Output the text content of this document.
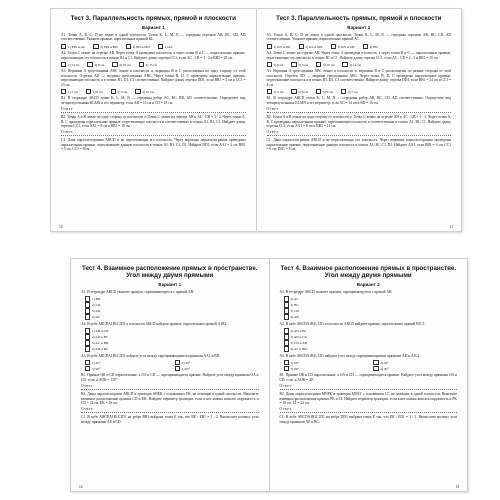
Тест 3. Параллельность прямых, прямой и плоскости
Вариант 1

А1. Точки A, B, C, D не лежат в одной плоскости. Точки K, L, M, N — середины отрезков AB, BC, CD, AD соответственно. Укажите прямые, параллельные прямой KL.

1) MN и AC	2) MN и BD	3) BD и MN	4) AC

А2. Точки C лежит на отрезке AB. Через точку A проведена плоскость, а через точки B и C — параллельные прямые, пересекающие эту плоскость в точках B1 и C1. Найдите длину отрезка CC1, если AC : CB = 3 : 2 и BB1 = 20 см.

1) 12 см	2) 8 см	3) 10 см	4) 15 см

А3. Вершина A треугольника ABC лежит в плоскости α, вершины B и C расположены по одну сторону от этой плоскости. Отрезок AD — медиана треугольника ABC. Через точки B, D, C проведены параллельные прямые, пересекающие плоскость α в точках B1, D1, C1 соответственно. Найдите длину отрезка DD1, если BB1 = 5 см и CC1 = 13 см.

1) 7 см	2) 8 см	3) 9 см	4) 10 см

В1. В тетраэдре ABCD точки K, L, M, N — середины ребер AC, BC, BD, AD соответственно. Определите вид четырехугольника KLMN и его периметр, если AB = 10 см и CD = 18 см.

Ответ.

В2. Точки A и B лежат по одну сторону от плоскости α. Точка C лежит на отрезке AB и AC : CB = 3 : 2. Через точки A, B, C проведены параллельные прямые, пересекающие плоскость α соответственно в точках A1, B1, C1. Найдите длину отрезка CC1, если AA1 = 8 см и BB1 = 18 см.

Ответ.

С1. Дана параллелограмма ABCD и не пересекающая его плоскость. Через вершины параллелограмма проведены параллельные прямые, пересекающие данную плоскость в точках A1, B1, C1, D1. Найдите DD1, если AA1 = 2 см, BB1 = 5 см, CC1 = 8 см.

10
Тест 3. Параллельность прямых, прямой и плоскости
Вариант 2

А1. Точки A, B, C, D не лежат в одной плоскости. Точки K, L, M, N — середины отрезков AB, BC, CD, AD соответственно. Укажите прямые, параллельные прямой AC.

1) KN и ML	2) KL и MN	3) KN и LM	4) BD

А2. Точка C лежит на отрезке AB. Через точку A проведена плоскость, а через точки B и C — параллельные прямые, пересекающие эту плоскость в точках B1 и C1. Найдите длину отрезка CC1, если AC : CB = 2 : 3 и BB1 = 15 см.

1) 9 см	2) 6 см	3) 10 см	4) 12 см

А3. Вершина A треугольника ABC лежит в плоскости α, вершины B и C расположены по разные стороны от этой плоскости. Отрезок AD — медиана треугольника ABC. Через точки B, D, C проведены параллельные прямые, пересекающие плоскость α в точках B1, D1, C1 соответственно. Найдите длину отрезка DD1, если BB1 = 14 см и CC1 = 4 см.

1) 5 см	2) 6 см	3) 9 см	4) 7 см

В1. В тетраэдре ABCD точки K, L, M, N — середины ребер AB, BC, CD, AD соответственно. Определите вид четырехугольника KLMN и его периметр, если AC = 14 см и BD = 16 см.

Ответ.

В2. Точки A и B лежат по одну сторону от плоскости α. Точка C лежит на отрезке AB и AC : CB = 1 : 3. Через точки A, B, C проведены параллельные прямые, пересекающие плоскость α соответственно в точках A1, B1, C1. Найдите длину отрезка CC1, если AA1 = 6 см и BB1 = 14 см.

Ответ.

С1. Дана параллелограмма ABCD и не пересекающая его плоскость. Через вершины параллелограмма проведены параллельные прямые, пересекающие данную плоскость в точках A1, B1, C1, D1. Найдите AA1, если BB1 = 4 см, CC1 = 6 см, DD1 = 8 см.

11
Тест 4. Взаимное расположение прямых в пространстве. Угол между двумя прямыми
Вариант 1

А1. В тетраэдре ABCD укажите прямую, скрещивающуюся с прямой AB.

1) BD
2) CD
3) AD
4) AC

А2. В кубе ABCDA1B1C1D1 в плоскости ABCD найдите прямые, параллельные прямой A1B1.

1) AB и CD
2) AD и BC
3) AC и BD
4) AB и BC

А3. В кубе ABCDA1B1C1D1 найдите угол между скрещивающимися прямыми AA1 и BD.

1) 45°	2) 30°
3) 90°	4) 60°

В1. Прямые OB и CD параллельные, а OA и CD — скрещивающиеся прямые. Найдите угол между прямыми OA и CD, если ∠AOB = 120°.

Ответ.

В2. Даны параллелограмм ABCD и трапеция ABEK с основанием EK, не лежащие в одной плоскости. Выясните взаимное расположение прямых CD и EK. Найдите периметр трапеции, если в нее можно вписать окружность и CD = 22 см, EK = 16 см.

Ответ.

С1. В кубе ABCDA1B1C1D1 на ребре BB1 выбрана точка E так, что BE : EB1 = 1 : 2. Вычислите косинус угла между прямыми AE и CD.

12
Тест 4. Взаимное расположение прямых в пространстве. Угол между двумя прямыми
Вариант 2

А1. В тетраэдре ABCD укажите прямую, скрещивающуюся с прямой AB.

1) AC
2) BC
3) CD
4) AB

А2. В кубе ABCDA1B1C1D1 в плоскости ABCD найдите прямые, параллельные прямой B1C1.

1) AD и BC
2) AD и CD
3) CD и AB
4) AC и BD

А3. В кубе ABCDA1B1C1D1 найдите угол между скрещивающимися прямыми AD и A1C1.

1) 90°	2) 45°
3) 60°	4) 30°

В1. Прямые OB и CD параллельные, а OA и CD — скрещивающиеся прямые. Найдите угол между прямыми OA и CD, если ∠AOB = 40°.

Ответ.

В2. Даны параллелограмм MNPK и трапеция MNLT с основанием LT, не лежащие в одной плоскости. Выясните взаимное расположение прямых PK и LT. Найдите периметр трапеции, если в нее можно вписать окружность и PK = 18 см, LT = 24 см.

Ответ.

С1. В кубе ABCDA1B1C1D1 на ребре DD1 выбрана точка E так, что DE : ED1 = 2 : 1. Вычислите косинус угла между прямыми AE и BC.

13
